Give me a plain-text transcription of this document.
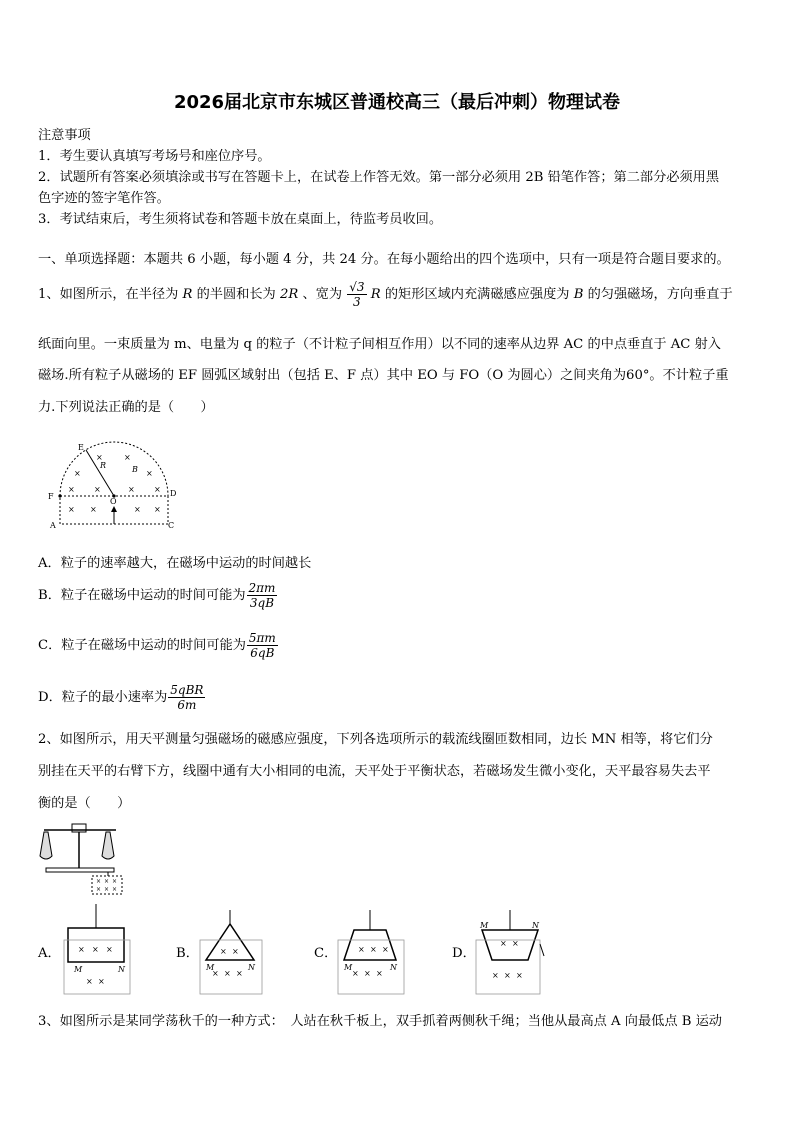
2026届北京市东城区普通校高三（最后冲刺）物理试卷
注意事项
1．考生要认真填写考场号和座位序号。
2．试题所有答案必须填涂或书写在答题卡上，在试卷上作答无效。第一部分必须用 2B 铅笔作答；第二部分必须用黑
色字迹的签字笔作答。
3．考试结束后，考生须将试卷和答题卡放在桌面上，待监考员收回。
一、单项选择题：本题共 6 小题，每小题 4 分，共 24 分。在每小题给出的四个选项中，只有一项是符合题目要求的。
1、如图所示，在半径为 R 的半圆和长为 2R 、宽为 $\frac{√3}{3}$ R 的矩形区域内充满磁感应强度为 B 的匀强磁场，方向垂直于
纸面向里。一束质量为 m、电量为 q 的粒子（不计粒子间相互作用）以不同的速率从边界 AC 的中点垂直于 AC 射入
磁场.所有粒子从磁场的 EF 圆弧区域射出（包括 E、F 点）其中 EO 与 FO（O 为圆心）之间夹角为60°。不计粒子重
力.下列说法正确的是（　　）
E
R	B
F
O
D
A	C
×	×
×	×
× ×	× ×
× ×	× ×
A．粒子的速率越大，在磁场中运动的时间越长
B．粒子在磁场中运动的时间可能为 $\frac{2\pi m}{3qB}$
C．粒子在磁场中运动的时间可能为 $\frac{5\pi m}{6qB}$
D．粒子的最小速率为 $\frac{\text{5qBR}}{6m}$
2、如图所示，用天平测量匀强磁场的磁感应强度，下列各选项所示的载流线圈匝数相同，边长 MN 相等，将它们分
别挂在天平的右臂下方，线圈中通有大小相同的电流，天平处于平衡状态，若磁场发生微小变化，天平最容易失去平
衡的是（　　）
× × ×
× × ×
A．
M	N
× × ×
× ×
B．
M	N
× ×
× × ×
C．
M	N
× × ×
× × ×
D．
M	N
× ×
× × ×
3、如图所示是某同学荡秋千的一种方式：　人站在秋千板上，双手抓着两侧秋千绳；当他从最高点 A 向最低点 B 运动
